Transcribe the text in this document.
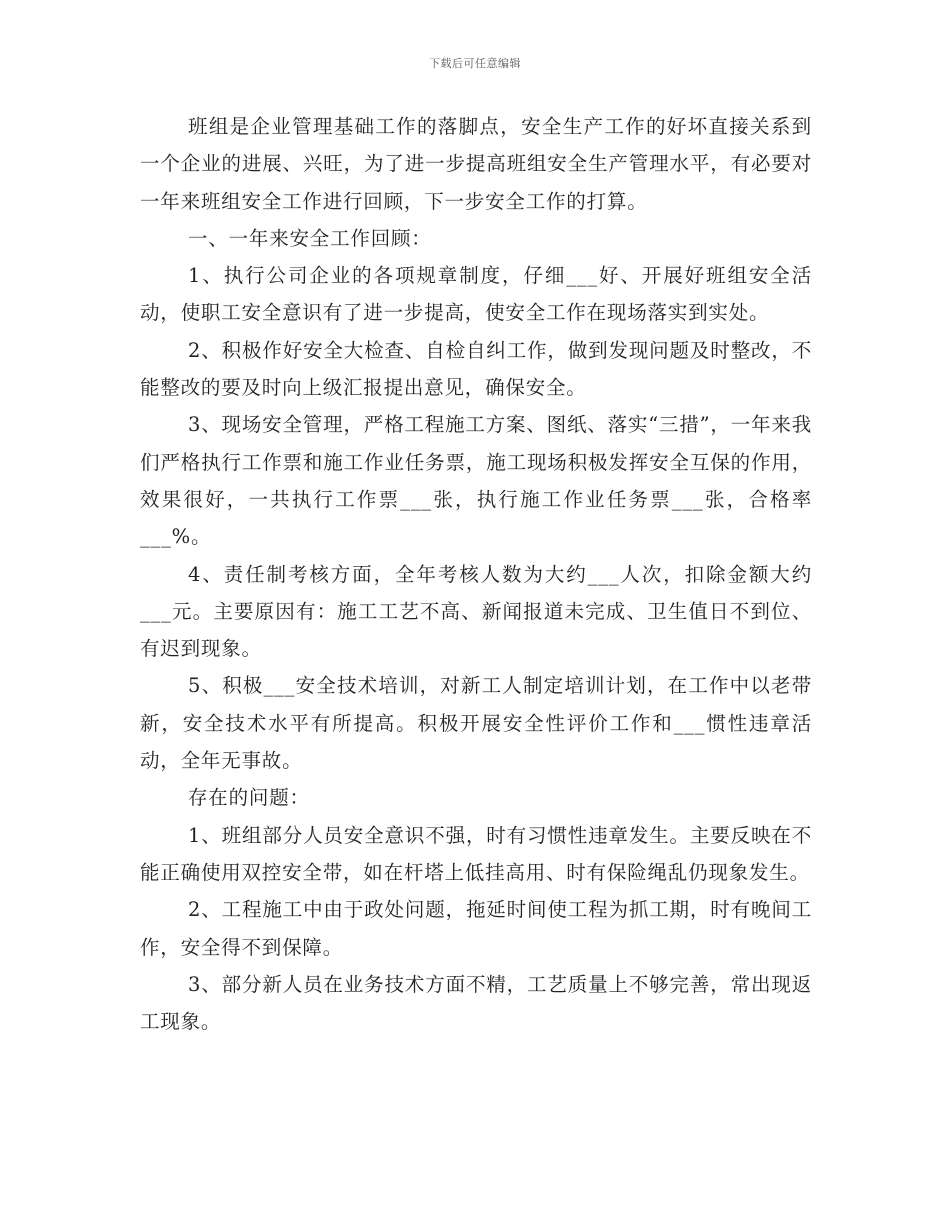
下载后可任意编辑

班组是企业管理基础工作的落脚点，安全生产工作的好坏直接关系到一个企业的进展、兴旺，为了进一步提高班组安全生产管理水平，有必要对一年来班组安全工作进行回顾，下一步安全工作的打算。

一、一年来安全工作回顾：

1、执行公司企业的各项规章制度，仔细___好、开展好班组安全活动，使职工安全意识有了进一步提高，使安全工作在现场落实到实处。

2、积极作好安全大检查、自检自纠工作，做到发现问题及时整改，不能整改的要及时向上级汇报提出意见，确保安全。

3、现场安全管理，严格工程施工方案、图纸、落实“三措”，一年来我们严格执行工作票和施工作业任务票，施工现场积极发挥安全互保的作用，效果很好，一共执行工作票___张，执行施工作业任务票___张，合格率___%。

4、责任制考核方面，全年考核人数为大约___人次，扣除金额大约___元。主要原因有：施工工艺不高、新闻报道未完成、卫生值日不到位、有迟到现象。

5、积极___安全技术培训，对新工人制定培训计划，在工作中以老带新，安全技术水平有所提高。积极开展安全性评价工作和___惯性违章活动，全年无事故。

存在的问题：

1、班组部分人员安全意识不强，时有习惯性违章发生。主要反映在不能正确使用双控安全带，如在杆塔上低挂高用、时有保险绳乱仍现象发生。

2、工程施工中由于政处问题，拖延时间使工程为抓工期，时有晚间工作，安全得不到保障。

3、部分新人员在业务技术方面不精，工艺质量上不够完善，常出现返工现象。
